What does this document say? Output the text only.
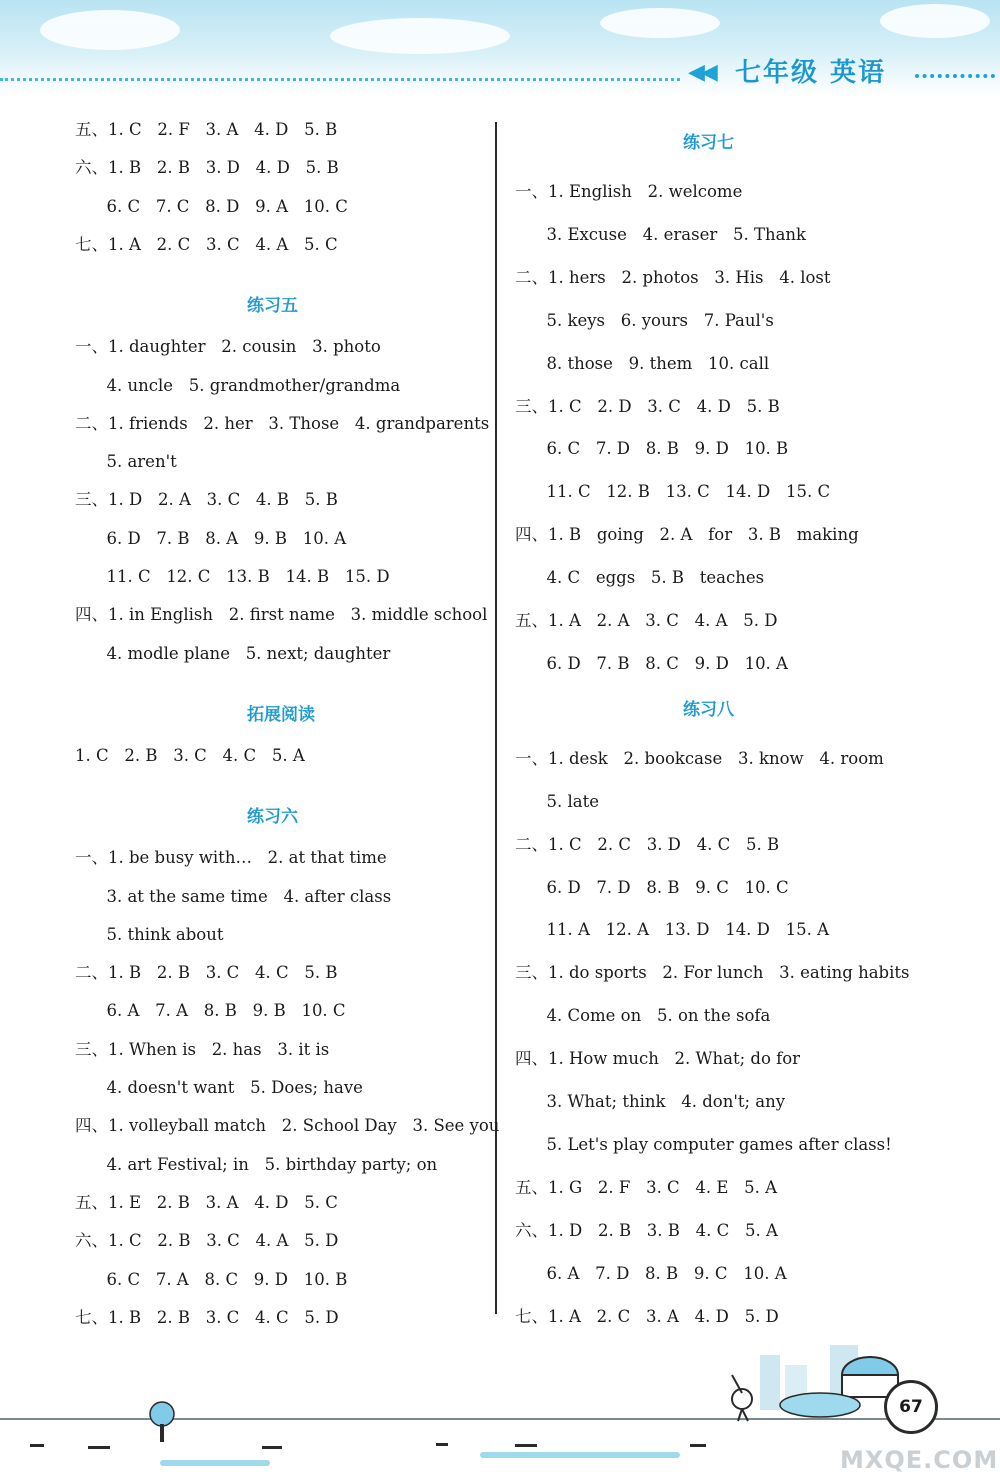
◀◀ 七年级 英语
五、1. C   2. F   3. A   4. D   5. B
六、1. B   2. B   3. D   4. D   5. B
6. C   7. C   8. D   9. A   10. C
七、1. A   2. C   3. C   4. A   5. C
练习五
一、1. daughter   2. cousin   3. photo
4. uncle   5. grandmother/grandma
二、1. friends   2. her   3. Those   4. grandparents
5. aren't
三、1. D   2. A   3. C   4. B   5. B
6. D   7. B   8. A   9. B   10. A
11. C   12. C   13. B   14. B   15. D
四、1. in English   2. first name   3. middle school
4. modle plane   5. next; daughter
拓展阅读
1. C   2. B   3. C   4. C   5. A
练习六
一、1. be busy with…   2. at that time
3. at the same time   4. after class
5. think about
二、1. B   2. B   3. C   4. C   5. B
6. A   7. A   8. B   9. B   10. C
三、1. When is   2. has   3. it is
4. doesn't want   5. Does; have
四、1. volleyball match   2. School Day   3. See you
4. art Festival; in   5. birthday party; on
五、1. E   2. B   3. A   4. D   5. C
六、1. C   2. B   3. C   4. A   5. D
6. C   7. A   8. C   9. D   10. B
七、1. B   2. B   3. C   4. C   5. D
练习七
一、1. English   2. welcome
3. Excuse   4. eraser   5. Thank
二、1. hers   2. photos   3. His   4. lost
5. keys   6. yours   7. Paul's
8. those   9. them   10. call
三、1. C   2. D   3. C   4. D   5. B
6. C   7. D   8. B   9. D   10. B
11. C   12. B   13. C   14. D   15. C
四、1. B   going   2. A   for   3. B   making
4. C   eggs   5. B   teaches
五、1. A   2. A   3. C   4. A   5. D
6. D   7. B   8. C   9. D   10. A
练习八
一、1. desk   2. bookcase   3. know   4. room
5. late
二、1. C   2. C   3. D   4. C   5. B
6. D   7. D   8. B   9. C   10. C
11. A   12. A   13. D   14. D   15. A
三、1. do sports   2. For lunch   3. eating habits
4. Come on   5. on the sofa
四、1. How much   2. What; do for
3. What; think   4. don't; any
5. Let's play computer games after class!
五、1. G   2. F   3. C   4. E   5. A
六、1. D   2. B   3. B   4. C   5. A
6. A   7. D   8. B   9. C   10. A
七、1. A   2. C   3. A   4. D   5. D
67
MXQE.COM
